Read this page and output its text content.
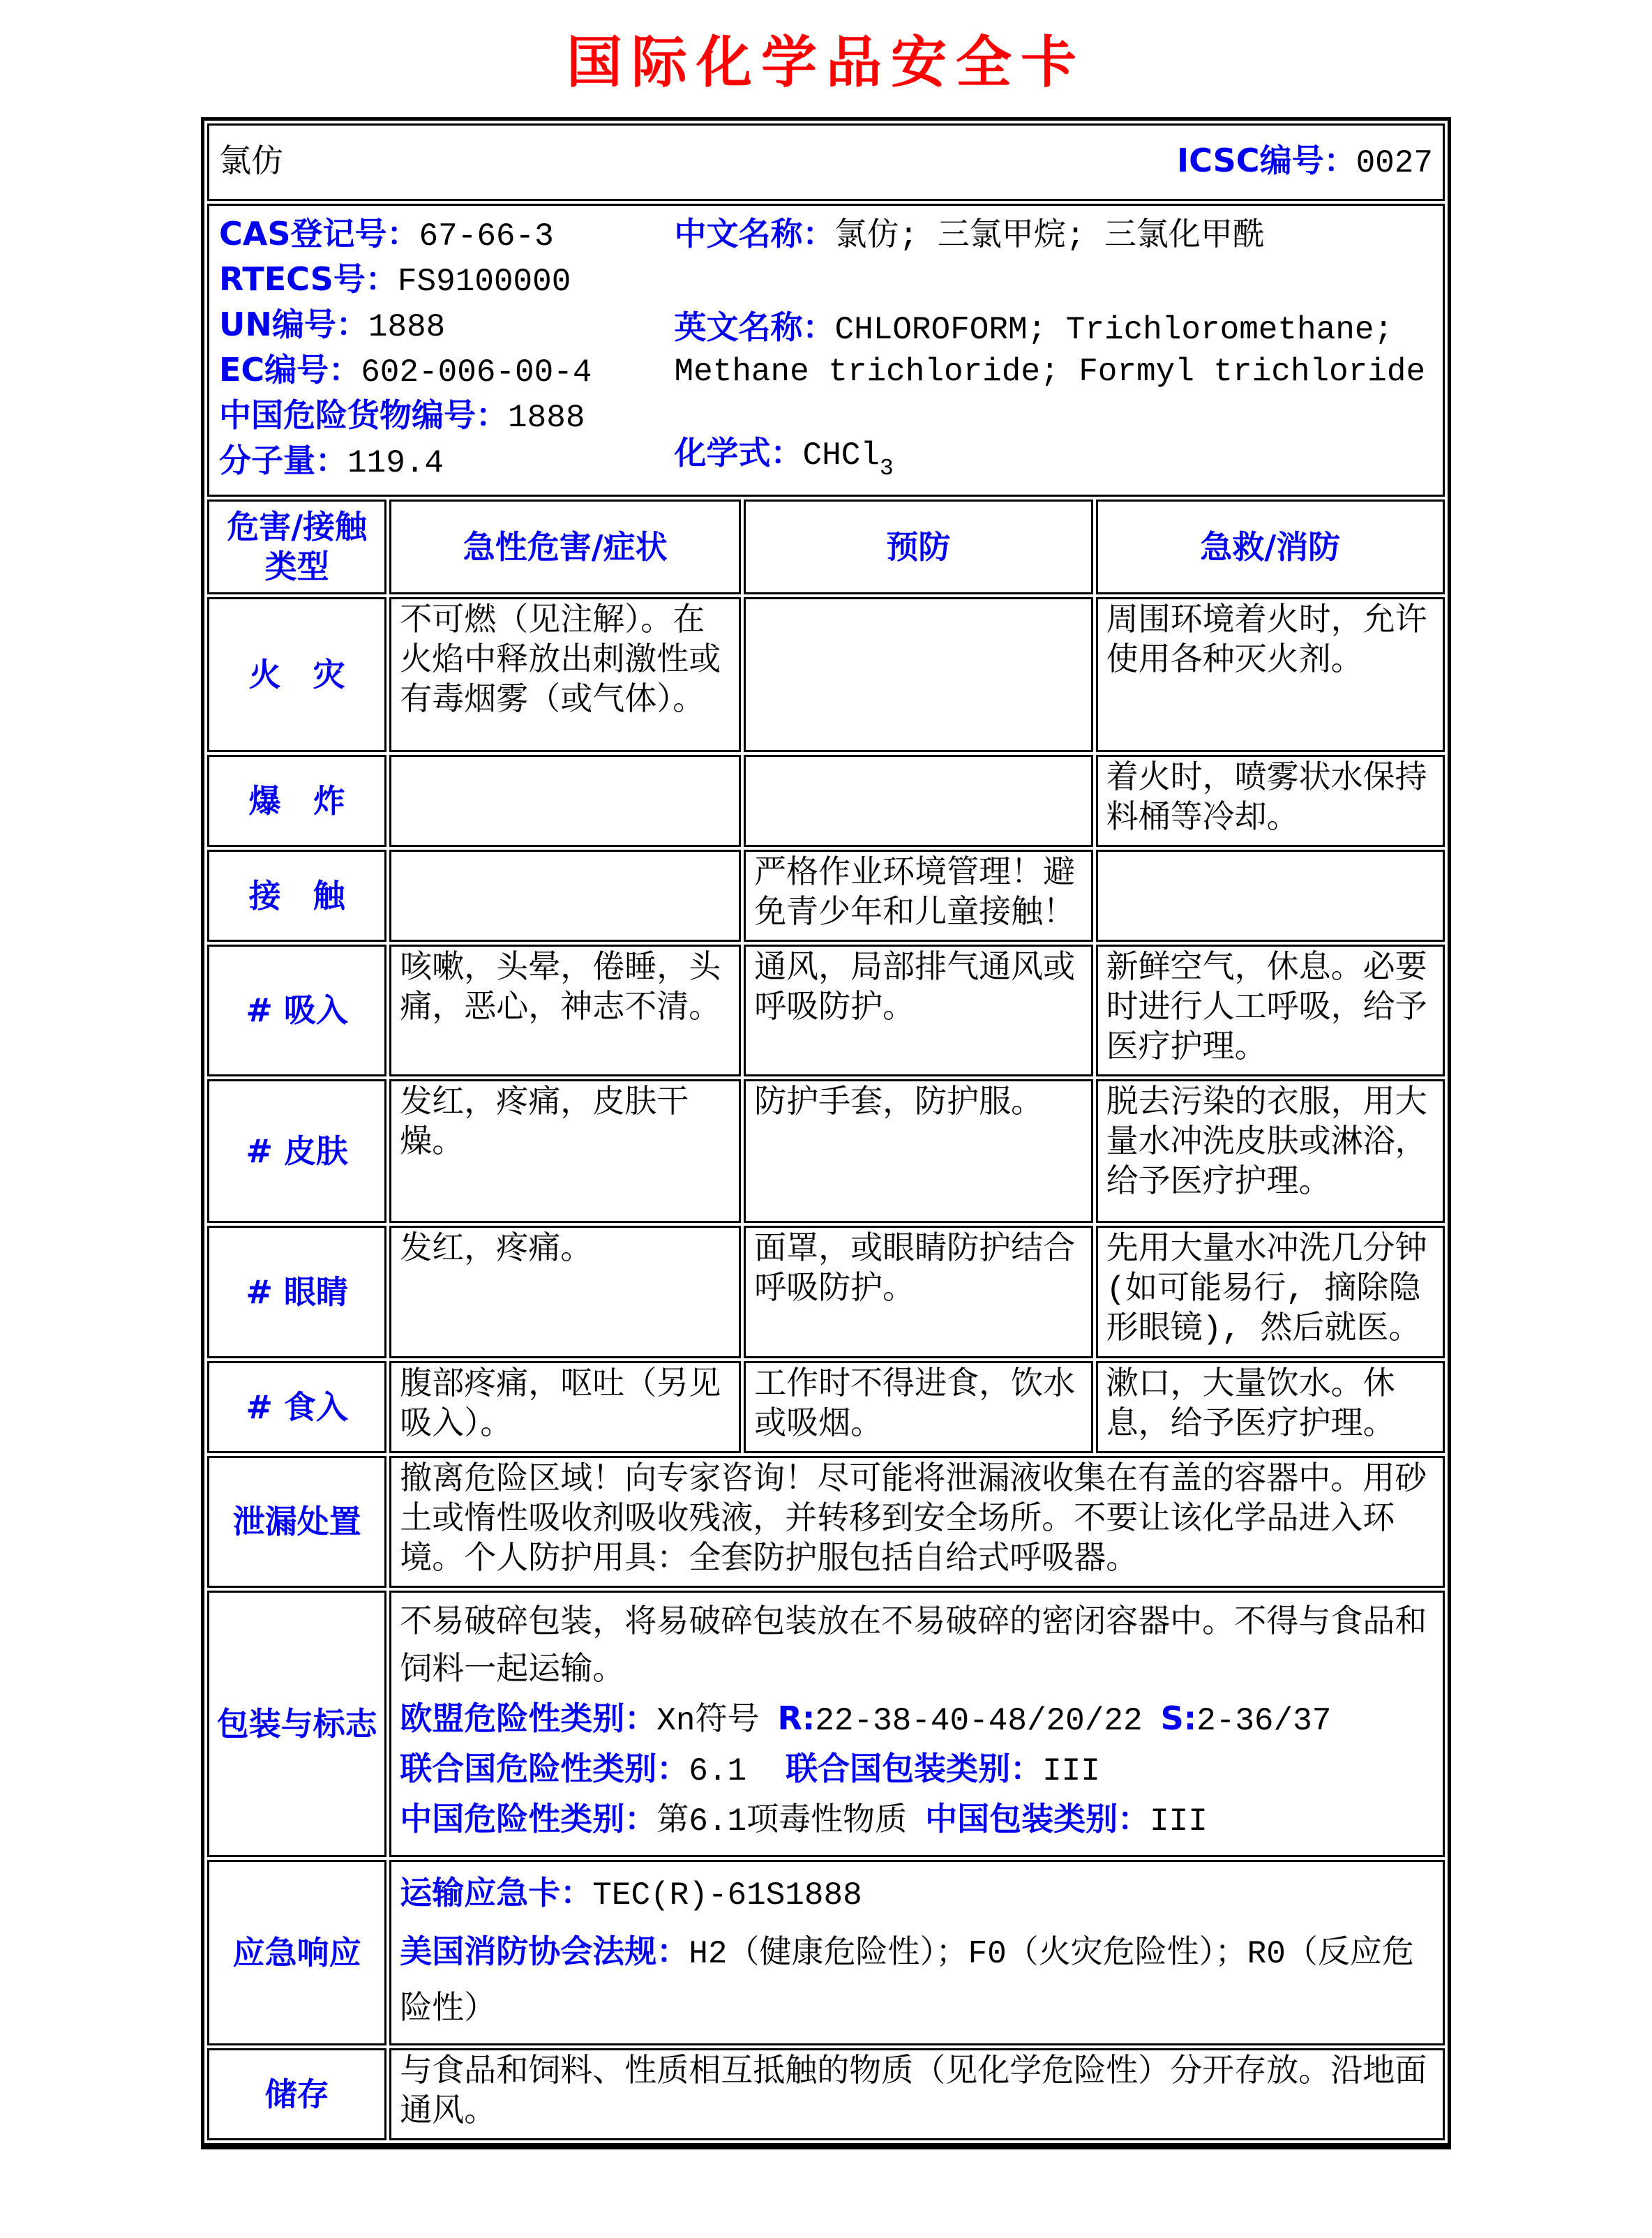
国际化学品安全卡
氯仿 ICSC编号：0027			

CAS登记号：67-66-3
RTECS号：FS9100000
UN编号：1888
EC编号：602-006-00-4
中国危险货物编号：1888
分子量：119.4
中文名称：氯仿; 三氯甲烷; 三氯化甲酰
英文名称：CHLOROFORM; Trichloromethane; Methane trichloride; Formyl trichloride
化学式：CHCl$_3$

危害/接触
类型	急性危害/症状	预防	急救/消防
火　灾	不可燃（见注解）。在火焰中释放出刺激性或有毒烟雾（或气体）。		周围环境着火时，允许使用各种灭火剂。
爆　炸			着火时，喷雾状水保持料桶等冷却。
接　触		严格作业环境管理！避免青少年和儿童接触！	
# 吸入	咳嗽，头晕，倦睡，头痛，恶心，神志不清。	通风，局部排气通风或呼吸防护。	新鲜空气，休息。必要时进行人工呼吸，给予医疗护理。
# 皮肤	发红，疼痛，皮肤干燥。	防护手套，防护服。	脱去污染的衣服，用大量水冲洗皮肤或淋浴，给予医疗护理。
# 眼睛	发红，疼痛。	面罩，或眼睛防护结合呼吸防护。	先用大量水冲洗几分钟(如可能易行, 摘除隐形眼镜), 然后就医。
# 食入	腹部疼痛，呕吐（另见吸入）。	工作时不得进食，饮水或吸烟。	漱口，大量饮水。休息，给予医疗护理。
泄漏处置	撤离危险区域！向专家咨询！尽可能将泄漏液收集在有盖的容器中。用砂土或惰性吸收剂吸收残液，并转移到安全场所。不要让该化学品进入环境。个人防护用具：全套防护服包括自给式呼吸器。		
包装与标志	不易破碎包装，将易破碎包装放在不易破碎的密闭容器中。不得与食品和饲料一起运输。
欧盟危险性类别：Xn符号 R:22-38-40-48/20/22 S:2-36/37
联合国危险性类别：6.1 联合国包装类别：III
中国危险性类别：第6.1项毒性物质 中国包装类别：III		

应急响应	运输应急卡：TEC(R)-61S1888
美国消防协会法规：H2（健康危险性）；F0（火灾危险性）；R0（反应危险性）		

储存	与食品和饲料、性质相互抵触的物质（见化学危险性）分开存放。沿地面通风。		
